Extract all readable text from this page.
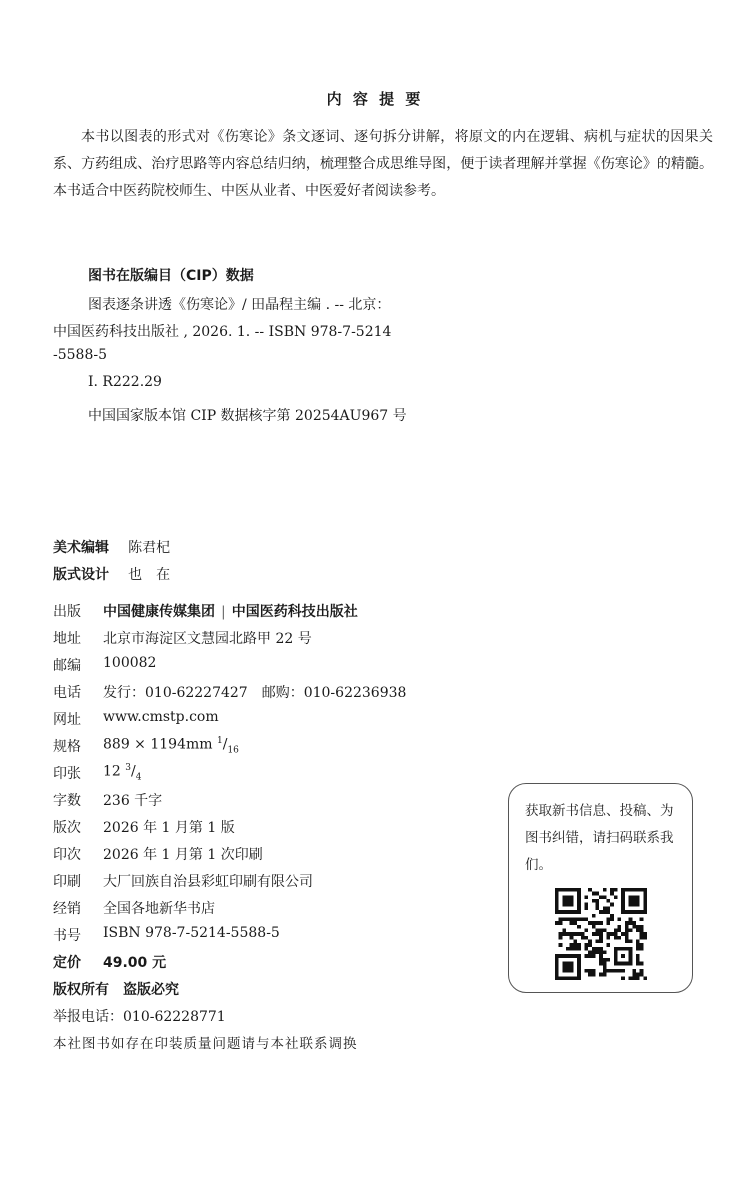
内 容 提 要
本书以图表的形式对《伤寒论》条文逐词、逐句拆分讲解，将原文的内在逻辑、病机与症状的因果关系、方药组成、治疗思路等内容总结归纳，梳理整合成思维导图，便于读者理解并掌握《伤寒论》的精髓。本书适合中医药院校师生、中医从业者、中医爱好者阅读参考。
图书在版编目（CIP）数据
图表逐条讲透《伤寒论》/ 田晶程主编 . -- 北京：
中国医药科技出版社 , 2026. 1. -- ISBN 978-7-5214
-5588-5
Ⅰ. R222.29
中国国家版本馆 CIP 数据核字第 20254AU967 号
美术编辑 陈君杞
版式设计 也　在
出版 中国健康传媒集团 | 中国医药科技出版社
地址 北京市海淀区文慧园北路甲 22 号
邮编 100082
电话 发行：010-62227427　邮购：010-62236938
网址 www.cmstp.com
规格 889 × 1194mm $^1/_{16}$
印张 12 $^3/_4$
字数 236 千字
版次 2026 年 1 月第 1 版
印次 2026 年 1 月第 1 次印刷
印刷 大厂回族自治县彩虹印刷有限公司
经销 全国各地新华书店
书号 ISBN 978-7-5214-5588-5
定价 49.00 元
版权所有　盗版必究
举报电话：010-62228771
本社图书如存在印装质量问题请与本社联系调换
获取新书信息、投稿、为图书纠错，请扫码联系我们。
